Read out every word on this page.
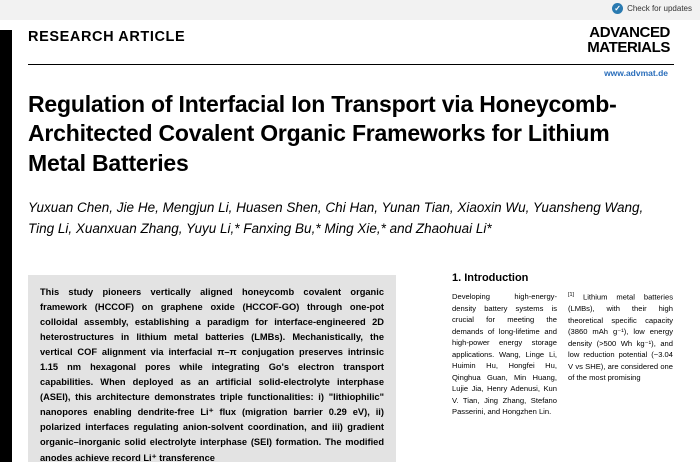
✓ Check for updates
RESEARCH ARTICLE	ADVANCED
MATERIALS
www.advmat.de
Regulation of Interfacial Ion Transport via Honeycomb-Architected Covalent Organic Frameworks for Lithium Metal Batteries
Yuxuan Chen, Jie He, Mengjun Li, Huasen Shen, Chi Han, Yunan Tian, Xiaoxin Wu, Yuansheng Wang, Ting Li, Xuanxuan Zhang, Yuyu Li,* Fanxing Bu,* Ming Xie,* and Zhaohuai Li*

This study pioneers vertically aligned honeycomb covalent organic framework (HCCOF) on graphene oxide (HCCOF-GO) through one-pot colloidal assembly, establishing a paradigm for interface-engineered 2D heterostructures in lithium metal batteries (LMBs). Mechanistically, the vertical COF alignment via interfacial π–π conjugation preserves intrinsic 1.15 nm hexagonal pores while integrating Go's electron transport capabilities. When deployed as an artificial solid-electrolyte interphase (ASEI), this architecture demonstrates triple functionalities: i) "lithiophilic" nanopores enabling dendrite-free Li⁺ flux (migration barrier 0.29 eV), ii) polarized interfaces regulating anion-solvent coordination, and iii) gradient organic–inorganic solid electrolyte interphase (SEI) formation. The modified anodes achieve record Li⁺ transference

1. Introduction

Developing high-energy-density battery systems is crucial for meeting the demands of long-lifetime and high-power energy storage applications. Wang, Linge Li, Huimin Hu, Hongfei Hu, Qinghua Guan, Min Huang, Lujie Jia, Henry Adenusi, Kun V. Tian, Jing Zhang, Stefano Passerini, and Hongzhen Lin.

[1] Lithium metal batteries (LMBs), with their high theoretical specific capacity (3860 mAh g⁻¹), low energy density (>500 Wh kg⁻¹), and low reduction potential (−3.04 V vs SHE), are considered one of the most promising
